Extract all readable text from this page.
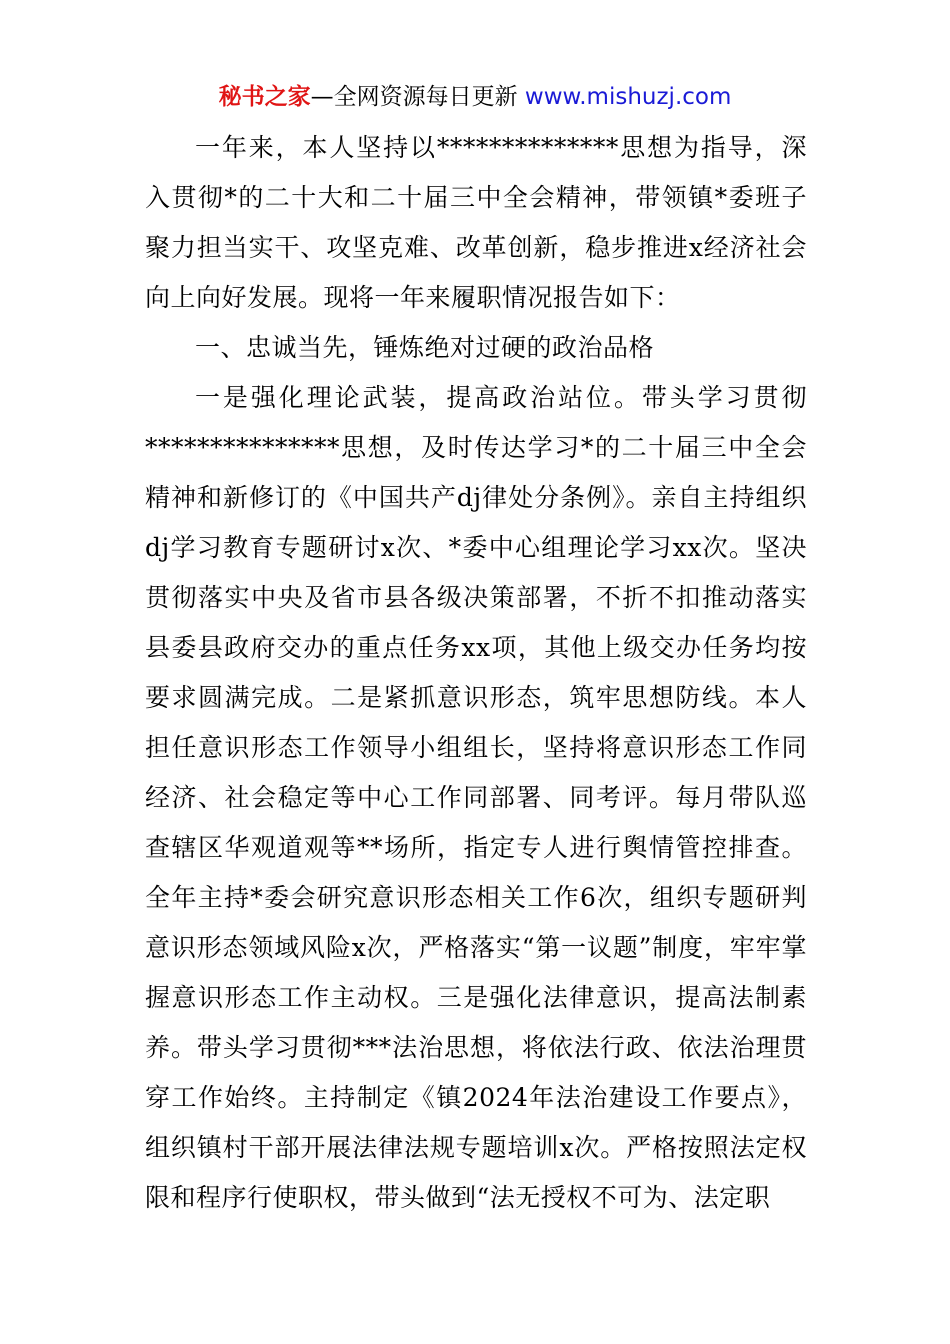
秘书之家—全网资源每日更新 www.mishuzj.com

一年来，本人坚持以**************思想为指导，深入贯彻*的二十大和二十届三中全会精神，带领镇*委班子聚力担当实干、攻坚克难、改革创新，稳步推进x经济社会向上向好发展。现将一年来履职情况报告如下：

一、忠诚当先，锤炼绝对过硬的政治品格

一是强化理论武装，提高政治站位。带头学习贯彻***************思想，及时传达学习*的二十届三中全会精神和新修订的《中国共产dj律处分条例》。亲自主持组织dj学习教育专题研讨x次、*委中心组理论学习xx次。坚决贯彻落实中央及省市县各级决策部署，不折不扣推动落实县委县政府交办的重点任务xx项，其他上级交办任务均按要求圆满完成。二是紧抓意识形态，筑牢思想防线。本人担任意识形态工作领导小组组长，坚持将意识形态工作同经济、社会稳定等中心工作同部署、同考评。每月带队巡查辖区华观道观等**场所，指定专人进行舆情管控排查。全年主持*委会研究意识形态相关工作6次，组织专题研判意识形态领域风险x次，严格落实“第一议题”制度，牢牢掌握意识形态工作主动权。三是强化法律意识，提高法制素养。带头学习贯彻***法治思想，将依法行政、依法治理贯穿工作始终。主持制定《镇2024年法治建设工作要点》，组织镇村干部开展法律法规专题培训x次。严格按照法定权限和程序行使职权，带头做到“法无授权不可为、法定职
